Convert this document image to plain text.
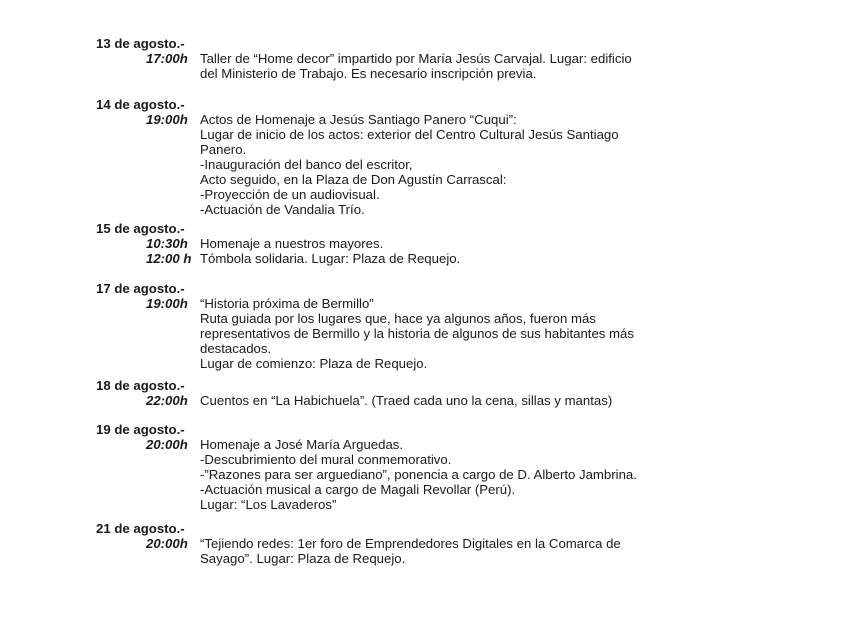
13 de agosto.-
17:00h Taller de “Home decor” impartido por María Jesús Carvajal. Lugar: edificio
del Ministerio de Trabajo. Es necesario inscripción previa.
14 de agosto.-
19:00h Actos de Homenaje a Jesús Santiago Panero “Cuqui”:
Lugar de inicio de los actos: exterior del Centro Cultural Jesús Santiago
Panero.
-Inauguración del banco del escritor,
Acto seguido, en la Plaza de Don Agustín Carrascal:
-Proyección de un audiovisual.
-Actuación de Vandalia Trío.
15 de agosto.-
10:30h Homenaje a nuestros mayores.
12:00 h Tómbola solidaria. Lugar: Plaza de Requejo.
17 de agosto.-
19:00h “Historia próxima de Bermillo”
Ruta guiada por los lugares que, hace ya algunos años, fueron más
representativos de Bermillo y la historia de algunos de sus habitantes más
destacados.
Lugar de comienzo: Plaza de Requejo.
18 de agosto.-
22:00h Cuentos en “La Habichuela”. (Traed cada uno la cena, sillas y mantas)
19 de agosto.-
20:00h Homenaje a José María Arguedas.
-Descubrimiento del mural conmemorativo.
-”Razones para ser arguediano”, ponencia a cargo de D. Alberto Jambrina.
-Actuación musical a cargo de Magali Revollar (Perú).
Lugar: “Los Lavaderos”
21 de agosto.-
20:00h “Tejiendo redes: 1er foro de Emprendedores Digitales en la Comarca de
Sayago”. Lugar: Plaza de Requejo.
